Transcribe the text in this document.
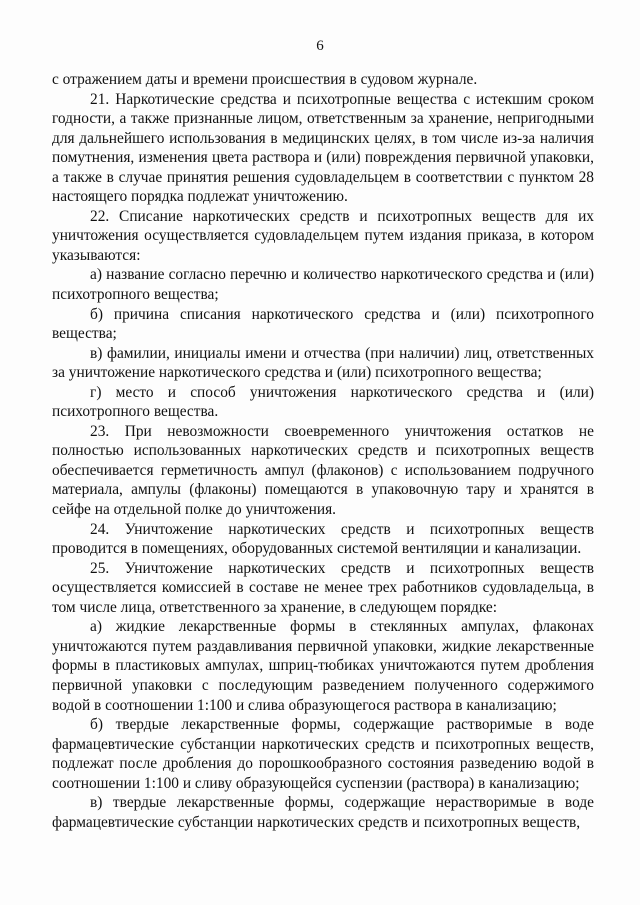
6

с отражением даты и времени происшествия в судовом журнале.

21. Наркотические средства и психотропные вещества с истекшим сроком годности, а также признанные лицом, ответственным за хранение, непригодными для дальнейшего использования в медицинских целях, в том числе из-за наличия помутнения, изменения цвета раствора и (или) повреждения первичной упаковки, а также в случае принятия решения судовладельцем в соответствии с пунктом 28 настоящего порядка подлежат уничтожению.

22. Списание наркотических средств и психотропных веществ для их уничтожения осуществляется судовладельцем путем издания приказа, в котором указываются:

а) название согласно перечню и количество наркотического средства и (или) психотропного вещества;

б) причина списания наркотического средства и (или) психотропного вещества;

в) фамилии, инициалы имени и отчества (при наличии) лиц, ответственных за уничтожение наркотического средства и (или) психотропного вещества;

г) место и способ уничтожения наркотического средства и (или) психотропного вещества.

23. При невозможности своевременного уничтожения остатков не полностью использованных наркотических средств и психотропных веществ обеспечивается герметичность ампул (флаконов) с использованием подручного материала, ампулы (флаконы) помещаются в упаковочную тару и хранятся в сейфе на отдельной полке до уничтожения.

24. Уничтожение наркотических средств и психотропных веществ проводится в помещениях, оборудованных системой вентиляции и канализации.

25. Уничтожение наркотических средств и психотропных веществ осуществляется комиссией в составе не менее трех работников судовладельца, в том числе лица, ответственного за хранение, в следующем порядке:

а) жидкие лекарственные формы в стеклянных ампулах, флаконах уничтожаются путем раздавливания первичной упаковки, жидкие лекарственные формы в пластиковых ампулах, шприц-тюбиках уничтожаются путем дробления первичной упаковки с последующим разведением полученного содержимого водой в соотношении 1:100 и слива образующегося раствора в канализацию;

б) твердые лекарственные формы, содержащие растворимые в воде фармацевтические субстанции наркотических средств и психотропных веществ, подлежат после дробления до порошкообразного состояния разведению водой в соотношении 1:100 и сливу образующейся суспензии (раствора) в канализацию;

в) твердые лекарственные формы, содержащие нерастворимые в воде фармацевтические субстанции наркотических средств и психотропных веществ,
